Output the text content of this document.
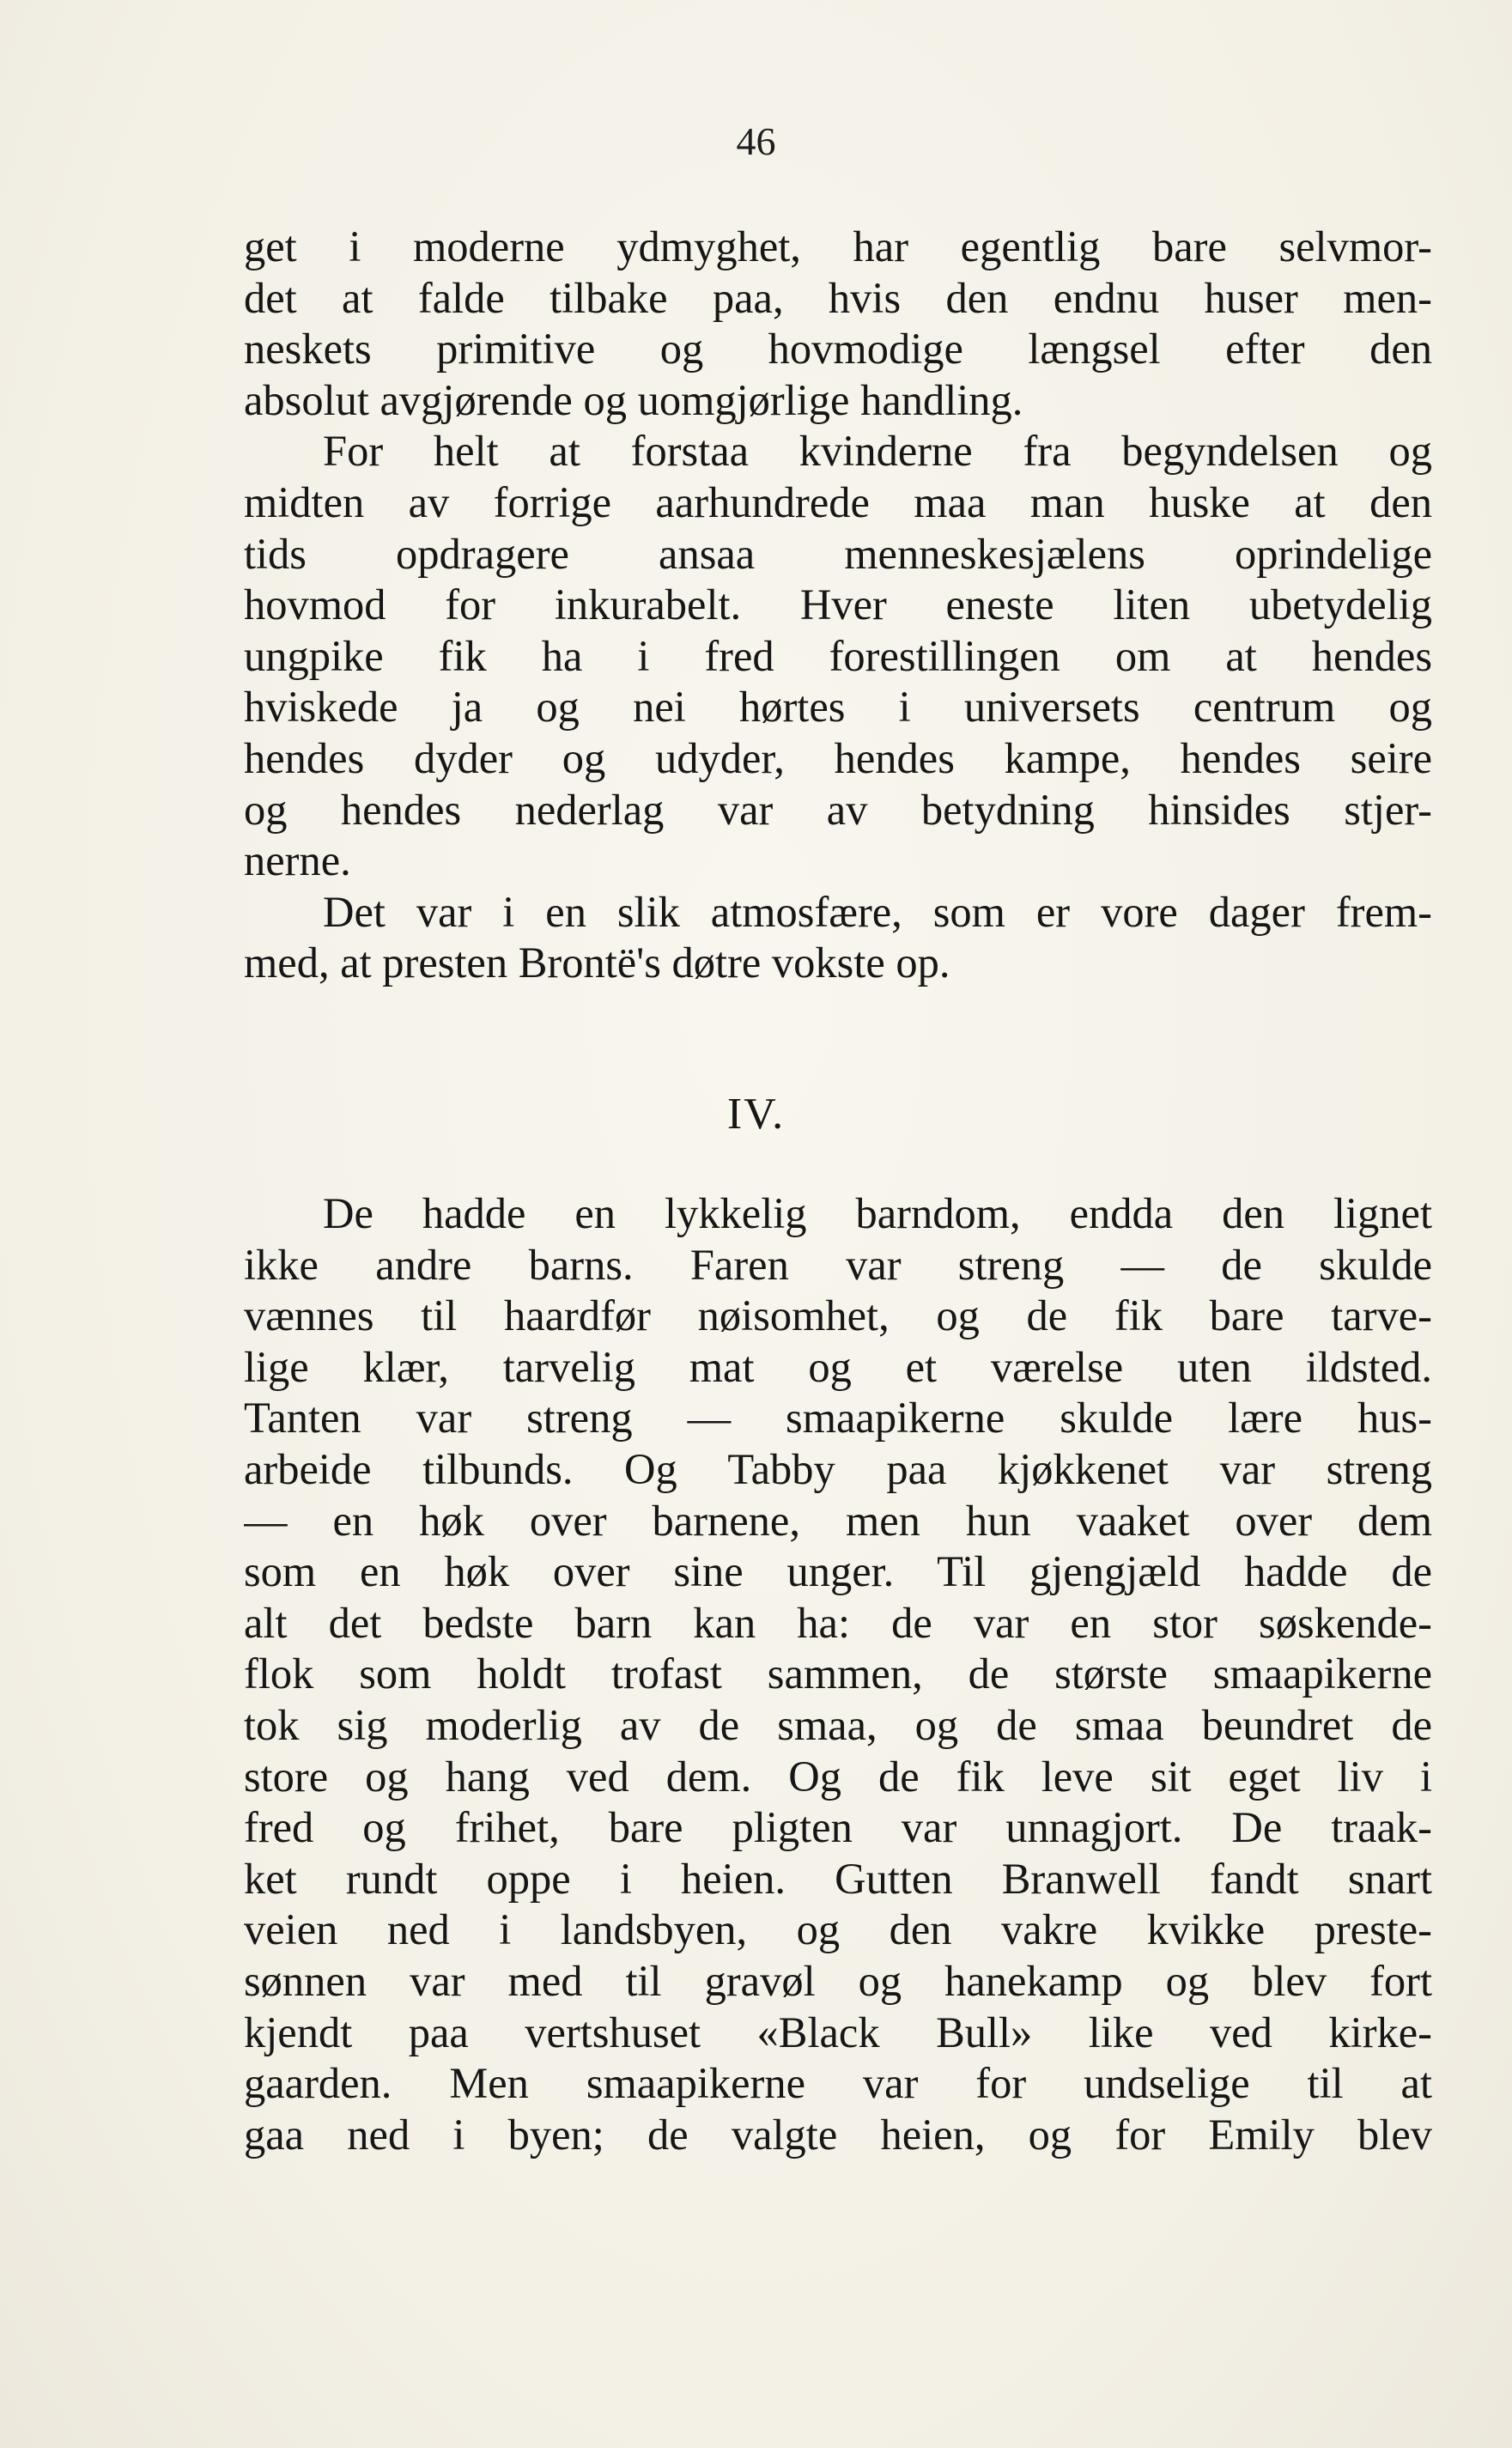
46
get i moderne ydmyghet, har egentlig bare selvmor-
det at falde tilbake paa, hvis den endnu huser men-
neskets primitive og hovmodige længsel efter den
absolut avgjørende og uomgjørlige handling.
For helt at forstaa kvinderne fra begyndelsen og
midten av forrige aarhundrede maa man huske at den
tids opdragere ansaa menneskesjælens oprindelige
hovmod for inkurabelt. Hver eneste liten ubetydelig
ungpike fik ha i fred forestillingen om at hendes
hviskede ja og nei hørtes i universets centrum og
hendes dyder og udyder, hendes kampe, hendes seire
og hendes nederlag var av betydning hinsides stjer-
nerne.
Det var i en slik atmosfære, som er vore dager frem-
med, at presten Brontë's døtre vokste op.
IV.
De hadde en lykkelig barndom, endda den lignet
ikke andre barns. Faren var streng — de skulde
vænnes til haardfør nøisomhet, og de fik bare tarve-
lige klær, tarvelig mat og et værelse uten ildsted.
Tanten var streng — smaapikerne skulde lære hus-
arbeide tilbunds. Og Tabby paa kjøkkenet var streng
— en høk over barnene, men hun vaaket over dem
som en høk over sine unger. Til gjengjæld hadde de
alt det bedste barn kan ha: de var en stor søskende-
flok som holdt trofast sammen, de største smaapikerne
tok sig moderlig av de smaa, og de smaa beundret de
store og hang ved dem. Og de fik leve sit eget liv i
fred og frihet, bare pligten var unnagjort. De traak-
ket rundt oppe i heien. Gutten Branwell fandt snart
veien ned i landsbyen, og den vakre kvikke preste-
sønnen var med til gravøl og hanekamp og blev fort
kjendt paa vertshuset «Black Bull» like ved kirke-
gaarden. Men smaapikerne var for undselige til at
gaa ned i byen; de valgte heien, og for Emily blev
